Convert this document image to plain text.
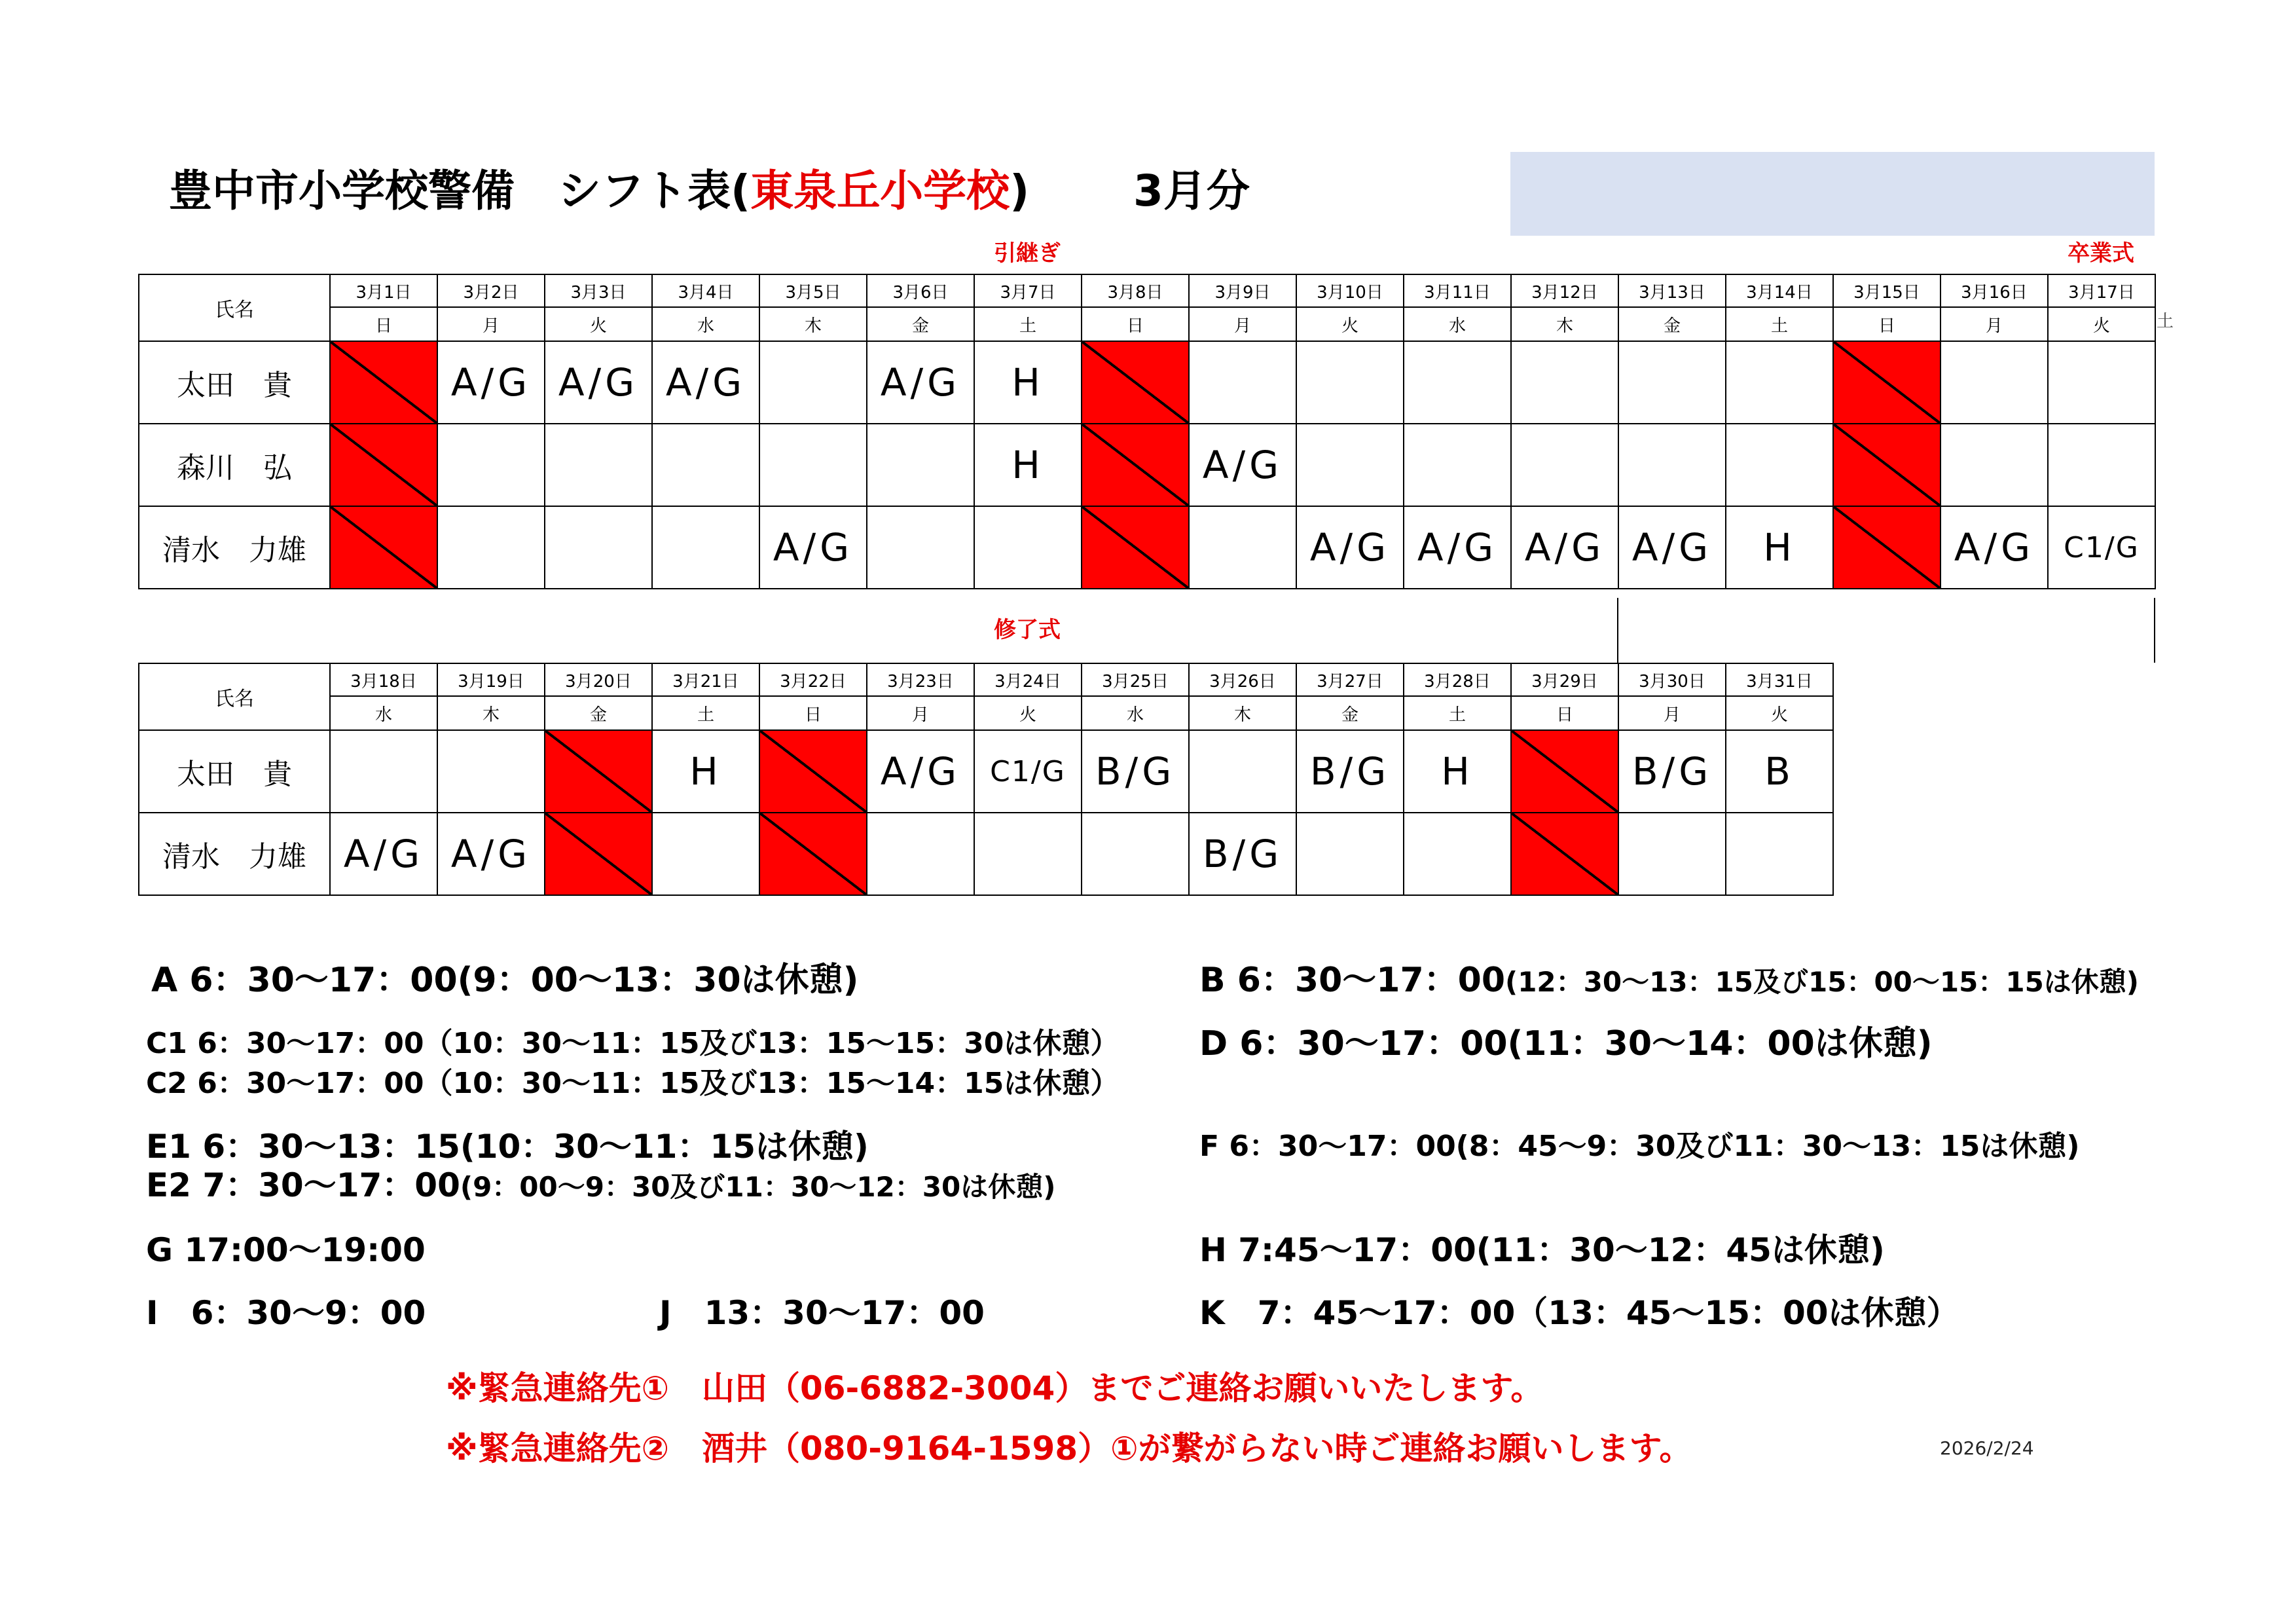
豊中市小学校警備　シフト表(東泉丘小学校) 3月分
引継ぎ	卒業式
修了式
土
氏名	3月1日	3月2日	3月3日	3月4日	3月5日	3月6日	3月7日	3月8日	3月9日	3月10日	3月11日	3月12日	3月13日	3月14日	3月15日	3月16日	3月17日
	日	月	火	水	木	金	土	日	月	火	水	木	金	土	日	月	火
太田　貴		A/G	A/G	A/G		A/G	H										
森川　弘							H		A/G								
清水　力雄					A/G					A/G	A/G	A/G	A/G	H		A/G	C1/G
氏名	3月18日	3月19日	3月20日	3月21日	3月22日	3月23日	3月24日	3月25日	3月26日	3月27日	3月28日	3月29日	3月30日	3月31日
	水	木	金	土	日	月	火	水	木	金	土	日	月	火
太田　貴				H		A/G	C1/G	B/G		B/G	H		B/G	B
清水　力雄	A/G	A/G							B/G					
A 6：30〜17：00(9：00〜13：30は休憩)	B 6：30〜17：00(12：30〜13：15及び15：00〜15：15は休憩)
C1 6：30〜17：00（10：30〜11：15及び13：15〜15：30は休憩）
C2 6：30〜17：00（10：30〜11：15及び13：15〜14：15は休憩）
D 6：30〜17：00(11：30〜14：00は休憩)
E1 6：30〜13：15(10：30〜11：15は休憩)
E2 7：30〜17：00(9：00〜9：30及び11：30〜12：30は休憩)
F 6：30〜17：00(8：45〜9：30及び11：30〜13：15は休憩)
G 17:00〜19:00	H 7:45〜17：00(11：30〜12：45は休憩)
I　6：30〜9：00	J　13：30〜17：00	K　7：45〜17：00（13：45〜15：00は休憩）
※緊急連絡先①　山田（06-6882-3004）までご連絡お願いいたします。
※緊急連絡先②　酒井（080-9164-1598）①が繋がらない時ご連絡お願いします。	2026/2/24
